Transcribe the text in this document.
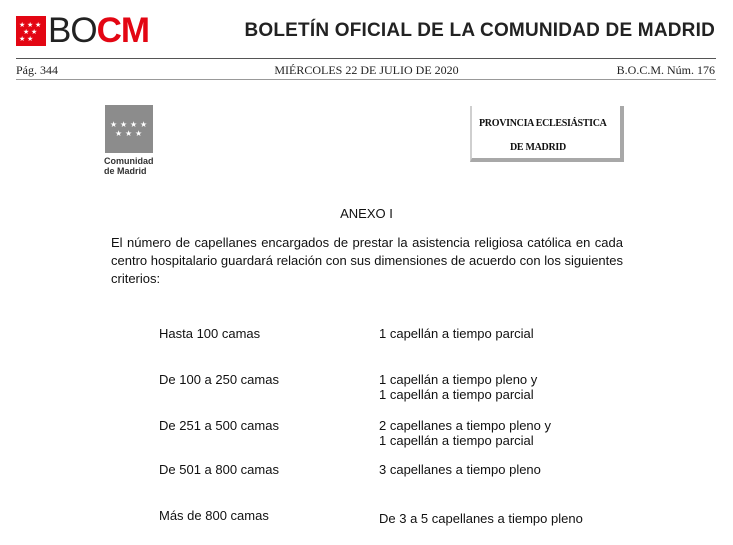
★ ★ ★
★ ★
★ ★ BO CM	BOLETÍN OFICIAL DE LA COMUNIDAD DE MADRID
Pág. 344	MIÉRCOLES 22 DE JULIO DE 2020	B.O.C.M. Núm. 176
★ ★ ★ ★
★ ★ ★
Comunidad
de Madrid
PROVINCIA ECLESIÁSTICA
DE MADRID
ANEXO I
El número de capellanes encargados de prestar la asistencia religiosa católica en cada centro hospitalario guardará relación con sus dimensiones de acuerdo con los siguientes criterios:
Hasta 100 camas	1 capellán a tiempo parcial
De 100 a 250 camas	1 capellán a tiempo pleno y
1 capellán a tiempo parcial
De 251 a 500 camas	2 capellanes a tiempo pleno y
1 capellán a tiempo parcial
De 501 a 800 camas	3 capellanes a tiempo pleno
Más de 800 camas	De 3 a 5 capellanes a tiempo pleno
